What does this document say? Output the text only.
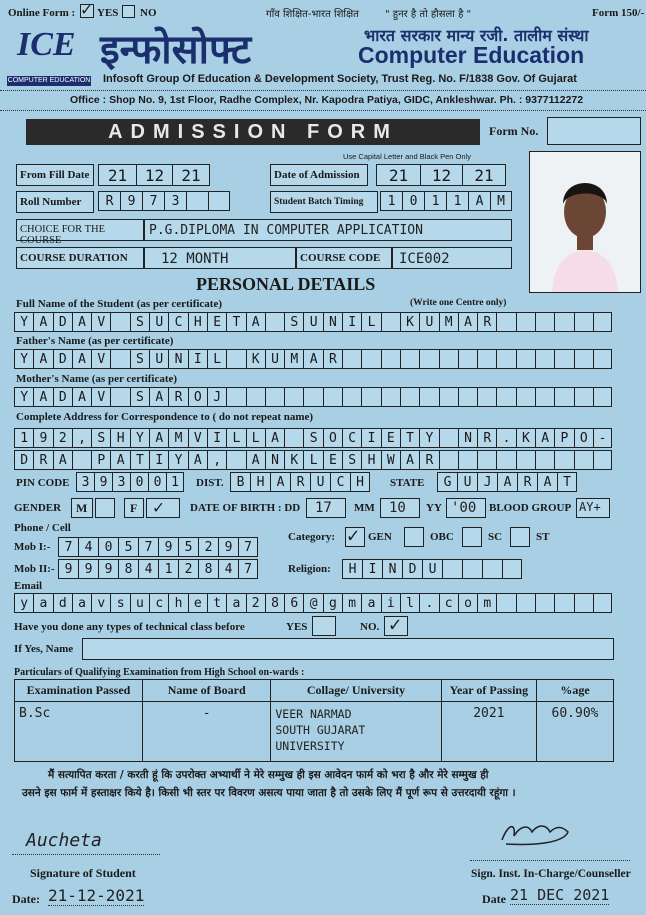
Online Form : ✓ YES NO	गाँव शिक्षित-भारत शिक्षित	" हुनर है तो हौसला है "	Form 150/-
ICE
COMPUTER EDUCATION
इन्फोसोफ्ट	भारत सरकार मान्य रजी. तालीम संस्था
Computer Education
Infosoft Group Of Education & Development Society, Trust Reg. No. F/1838 Gov. Of Gujarat
Office : Shop No. 9, 1st Floor, Radhe Complex, Nr. Kapodra Patiya, GIDC, Ankleshwar. Ph. : 9377112272
ADMISSION FORM	Form No.
Use Capital Letter and Black Pen Only
From Fill Date	21	12	21	Date of Admission	21	12	21
Roll Number	R	9	7	3	Student Batch Timing	1	0	1	1	A	M
CHOICE FOR THE COURSE
P.G.DIPLOMA IN COMPUTER APPLICATION
COURSE DURATION 12 MONTH	COURSE CODE ICE002
PERSONAL DETAILS
Full Name of the Student (as per certificate)	(Write one Centre only)
Y A D A V	S U C H E T A	S U N I L	K U M A R
Father's Name (as per certificate)
Y A D A V	S U N I L	K U M A R
Mother's Name (as per certificate)
Y A D A V	S A R O J
Complete Address for Correspondence to ( do not repeat name)
1 9 2 , S H Y A M V I L L A	S O C I E T Y	N R . K A P O -
D R A	P A T I Y A ,	A N K L E S H W A R
PIN CODE 3 9 3 0 0 1	DIST. B H A R U C H	STATE	G U J A R A T
GENDER M	F ✓ DATE OF BIRTH : DD 17 MM 10 YY '00 BLOOD GROUP AY+
Phone / Cell
Mob I:-	7 4 0 5 7 9 5 2 9 7
Mob II:- 9 9 9 8 4 1 2 8 4 7
Category: ✓ GEN	OBC	SC	ST
Religion:	H I N D U
Email
y a d a v s u c h e t a 2 8 6 @ g m a i l . c o m
Have you done any types of technical class before	YES	NO. ✓
If Yes, Name
Particulars of Qualifying Examination from High School on-wards :
Examination Passed	Name of Board	Collage/ University	Year of Passing	%age
B.Sc	-	VEER NARMAD
SOUTH GUJARAT
UNIVERSITY	2021	60.90%
मैं सत्यापित करता / करती हूं कि उपरोक्त अभ्यार्थी ने मेरे सम्मुख ही इस आवेदन फार्म को भरा है और मेरे सम्मुख ही
उसने इस फार्म में हस्ताक्षर किये है। किसी भी स्तर पर विवरण असत्य पाया जाता है तो उसके लिए मैं पूर्ण रूप से उत्तरदायी रहूंगा ।
Aucheta
Signature of Student
Date: 21-12-2021
Sign. Inst. In-Charge/Counseller
Date 21 DEC 2021
